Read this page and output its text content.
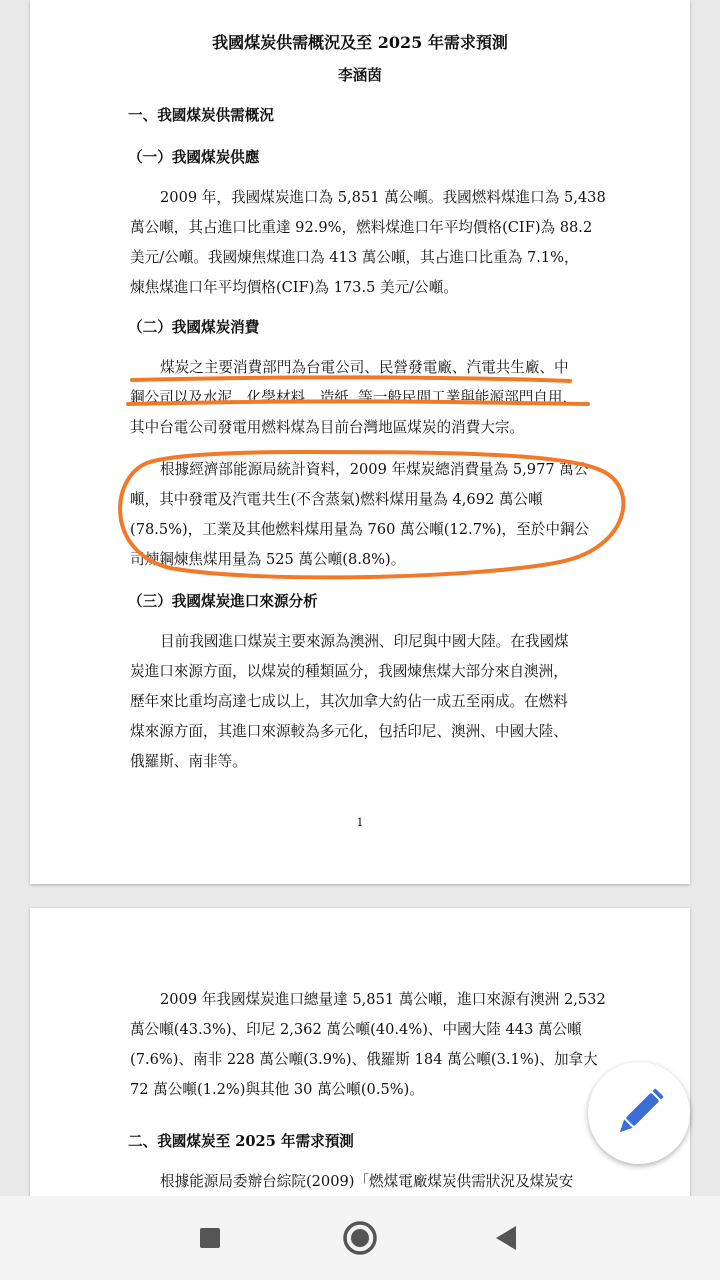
我國煤炭供需概況及至 2025 年需求預測
李涵茵
一、我國煤炭供需概況
（一）我國煤炭供應
2009 年，我國煤炭進口為 5,851 萬公噸。我國燃料煤進口為 5,438
萬公噸，其占進口比重達 92.9%，燃料煤進口年平均價格(CIF)為 88.2
美元/公噸。我國煉焦煤進口為 413 萬公噸，其占進口比重為 7.1%，
煉焦煤進口年平均價格(CIF)為 173.5 美元/公噸。
（二）我國煤炭消費
煤炭之主要消費部門為台電公司、民營發電廠、汽電共生廠、中
鋼公司以及水泥、化學材料、造紙..等一般民間工業與能源部門自用，
其中台電公司發電用燃料煤為目前台灣地區煤炭的消費大宗。
根據經濟部能源局統計資料，2009 年煤炭總消費量為 5,977 萬公
噸，其中發電及汽電共生(不含蒸氣)燃料煤用量為 4,692 萬公噸
(78.5%)，工業及其他燃料煤用量為 760 萬公噸(12.7%)，至於中鋼公
司煉鋼煉焦煤用量為 525 萬公噸(8.8%)。
（三）我國煤炭進口來源分析
目前我國進口煤炭主要來源為澳洲、印尼與中國大陸。在我國煤
炭進口來源方面，以煤炭的種類區分，我國煉焦煤大部分來自澳洲，
歷年來比重均高達七成以上，其次加拿大約佔一成五至兩成。在燃料
煤來源方面，其進口來源較為多元化，包括印尼、澳洲、中國大陸、
俄羅斯、南非等。
1
2009 年我國煤炭進口總量達 5,851 萬公噸，進口來源有澳洲 2,532
萬公噸(43.3%)、印尼 2,362 萬公噸(40.4%)、中國大陸 443 萬公噸
(7.6%)、南非 228 萬公噸(3.9%)、俄羅斯 184 萬公噸(3.1%)、加拿大
72 萬公噸(1.2%)與其他 30 萬公噸(0.5%)。
二、我國煤炭至 2025 年需求預測
根據能源局委辦台綜院(2009)「燃煤電廠煤炭供需狀況及煤炭安
